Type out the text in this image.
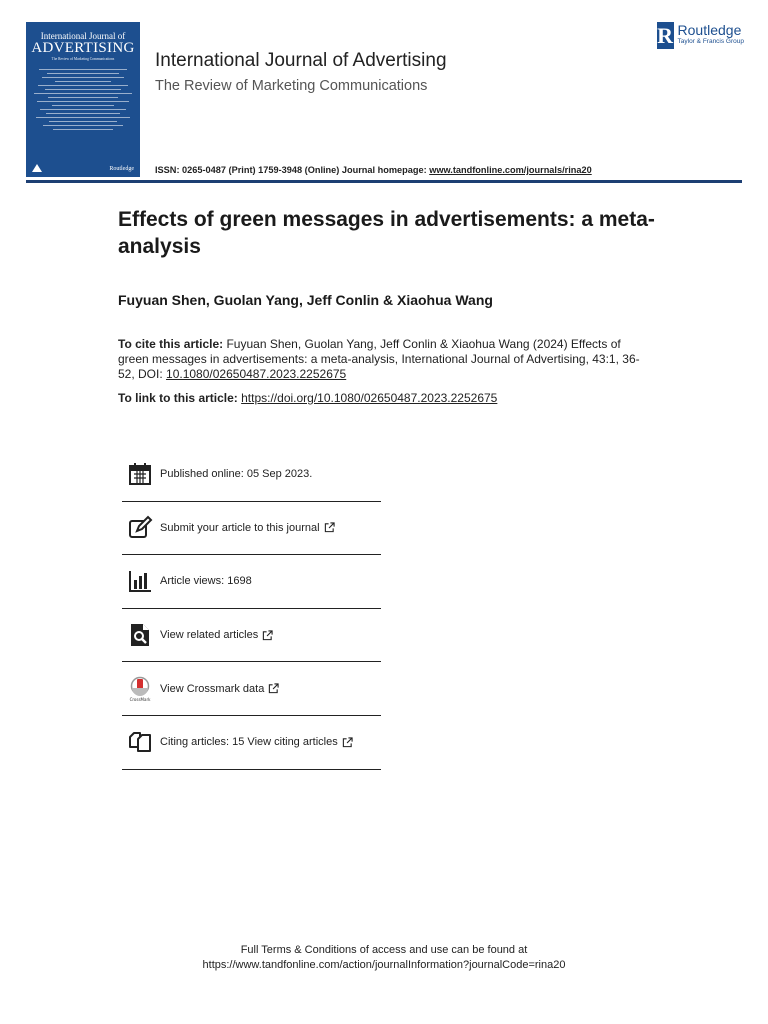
International Journal of
ADVERTISING
The Review of Marketing Communications
Routledge
International Journal of Advertising

The Review of Marketing Communications

R Routledge
Taylor & Francis Group
ISSN: 0265-0487 (Print) 1759-3948 (Online) Journal homepage: www.tandfonline.com/journals/rina20
Effects of green messages in advertisements: a meta-analysis

Fuyuan Shen, Guolan Yang, Jeff Conlin & Xiaohua Wang

To cite this article: Fuyuan Shen, Guolan Yang, Jeff Conlin & Xiaohua Wang (2024) Effects of green messages in advertisements: a meta-analysis, International Journal of Advertising, 43:1, 36-52, DOI: 10.1080/02650487.2023.2252675
To link to this article: https://doi.org/10.1080/02650487.2023.2252675
Published online: 05 Sep 2023.
Submit your article to this journal
Article views: 1698
View related articles
CrossMark
View Crossmark data
Citing articles: 15 View citing articles
Full Terms & Conditions of access and use can be found at
https://www.tandfonline.com/action/journalInformation?journalCode=rina20
